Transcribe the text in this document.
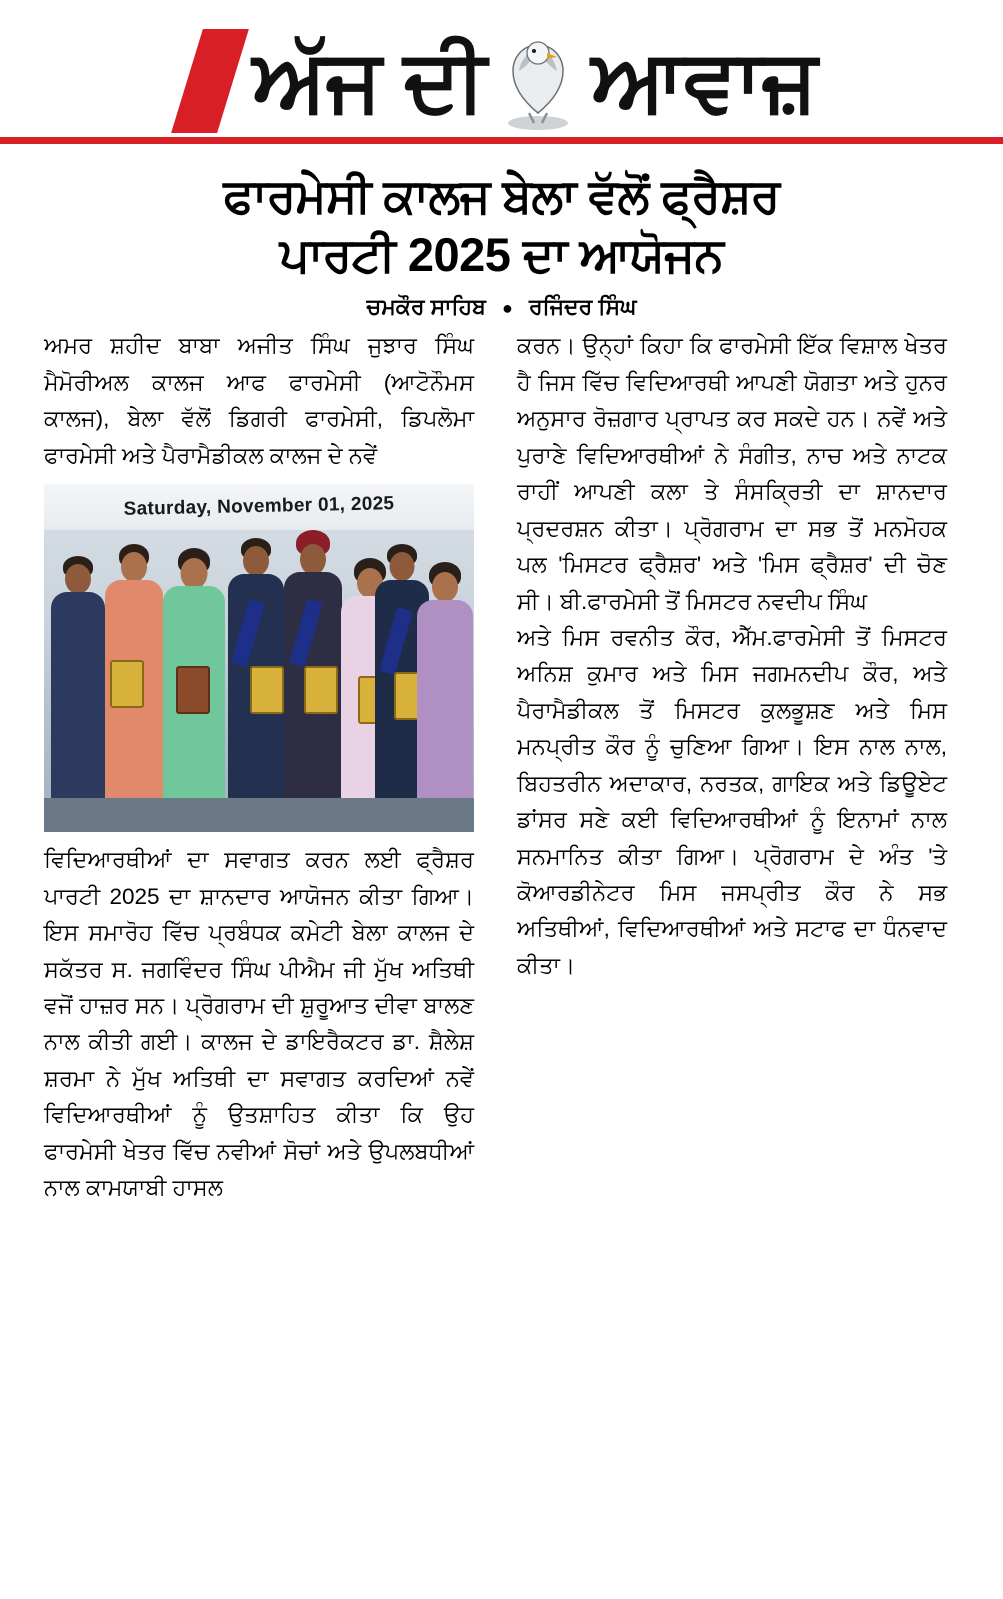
ਅੱਜ ਦੀ ਆਵਾਜ਼
ਫਾਰਮੇਸੀ ਕਾਲਜ ਬੇਲਾ ਵੱਲੋਂ ਫ੍ਰੈਸ਼ਰ
ਪਾਰਟੀ 2025 ਦਾ ਆਯੋਜਨ
ਚਮਕੌਰ ਸਾਹਿਬ ● ਰਜਿੰਦਰ ਸਿੰਘ

ਅਮਰ ਸ਼ਹੀਦ ਬਾਬਾ ਅਜੀਤ ਸਿੰਘ ਜੁਝਾਰ ਸਿੰਘ ਮੈਮੋਰੀਅਲ ਕਾਲਜ ਆਫ ਫਾਰਮੇਸੀ (ਆਟੋਨੌਮਸ ਕਾਲਜ), ਬੇਲਾ ਵੱਲੋਂ ਡਿਗਰੀ ਫਾਰਮੇਸੀ, ਡਿਪਲੋਮਾ ਫਾਰਮੇਸੀ ਅਤੇ ਪੈਰਾਮੈਡੀਕਲ ਕਾਲਜ ਦੇ ਨਵੇਂ

Saturday, November 01, 2025

ਵਿਦਿਆਰਥੀਆਂ ਦਾ ਸਵਾਗਤ ਕਰਨ ਲਈ ਫ੍ਰੈਸ਼ਰ ਪਾਰਟੀ 2025 ਦਾ ਸ਼ਾਨਦਾਰ ਆਯੋਜਨ ਕੀਤਾ ਗਿਆ। ਇਸ ਸਮਾਰੋਹ ਵਿੱਚ ਪ੍ਰਬੰਧਕ ਕਮੇਟੀ ਬੇਲਾ ਕਾਲਜ ਦੇ ਸਕੱਤਰ ਸ. ਜਗਵਿੰਦਰ ਸਿੰਘ ਪੀਐਮ ਜੀ ਮੁੱਖ ਅਤਿਥੀ ਵਜੋਂ ਹਾਜ਼ਰ ਸਨ। ਪ੍ਰੋਗਰਾਮ ਦੀ ਸ਼ੁਰੂਆਤ ਦੀਵਾ ਬਾਲਣ ਨਾਲ ਕੀਤੀ ਗਈ। ਕਾਲਜ ਦੇ ਡਾਇਰੈਕਟਰ ਡਾ. ਸ਼ੈਲੇਸ਼ ਸ਼ਰਮਾ ਨੇ ਮੁੱਖ ਅਤਿਥੀ ਦਾ ਸਵਾਗਤ ਕਰਦਿਆਂ ਨਵੇਂ ਵਿਦਿਆਰਥੀਆਂ ਨੂੰ ਉਤਸ਼ਾਹਿਤ ਕੀਤਾ ਕਿ ਉਹ ਫਾਰਮੇਸੀ ਖੇਤਰ ਵਿੱਚ ਨਵੀਆਂ ਸੋਚਾਂ ਅਤੇ ਉਪਲਬਧੀਆਂ ਨਾਲ ਕਾਮਯਾਬੀ ਹਾਸਲ

ਕਰਨ। ਉਨ੍ਹਾਂ ਕਿਹਾ ਕਿ ਫਾਰਮੇਸੀ ਇੱਕ ਵਿਸ਼ਾਲ ਖੇਤਰ ਹੈ ਜਿਸ ਵਿੱਚ ਵਿਦਿਆਰਥੀ ਆਪਣੀ ਯੋਗਤਾ ਅਤੇ ਹੁਨਰ ਅਨੁਸਾਰ ਰੋਜ਼ਗਾਰ ਪ੍ਰਾਪਤ ਕਰ ਸਕਦੇ ਹਨ। ਨਵੇਂ ਅਤੇ ਪੁਰਾਣੇ ਵਿਦਿਆਰਥੀਆਂ ਨੇ ਸੰਗੀਤ, ਨਾਚ ਅਤੇ ਨਾਟਕ ਰਾਹੀਂ ਆਪਣੀ ਕਲਾ ਤੇ ਸੰਸਕ੍ਰਿਤੀ ਦਾ ਸ਼ਾਨਦਾਰ ਪ੍ਰਦਰਸ਼ਨ ਕੀਤਾ। ਪ੍ਰੋਗਰਾਮ ਦਾ ਸਭ ਤੋਂ ਮਨਮੋਹਕ ਪਲ 'ਮਿਸਟਰ ਫ੍ਰੈਸ਼ਰ' ਅਤੇ 'ਮਿਸ ਫ੍ਰੈਸ਼ਰ' ਦੀ ਚੋਣ ਸੀ। ਬੀ.ਫਾਰਮੇਸੀ ਤੋਂ ਮਿਸਟਰ ਨਵਦੀਪ ਸਿੰਘ

ਅਤੇ ਮਿਸ ਰਵਨੀਤ ਕੌਰ, ਐੱਮ.ਫਾਰਮੇਸੀ ਤੋਂ ਮਿਸਟਰ ਅਨਿਸ਼ ਕੁਮਾਰ ਅਤੇ ਮਿਸ ਜਗਮਨਦੀਪ ਕੌਰ, ਅਤੇ ਪੈਰਾਮੈਡੀਕਲ ਤੋਂ ਮਿਸਟਰ ਕੁਲਭੂਸ਼ਣ ਅਤੇ ਮਿਸ ਮਨਪ੍ਰੀਤ ਕੌਰ ਨੂੰ ਚੁਣਿਆ ਗਿਆ। ਇਸ ਨਾਲ ਨਾਲ, ਬਿਹਤਰੀਨ ਅਦਾਕਾਰ, ਨਰਤਕ, ਗਾਇਕ ਅਤੇ ਡਿਊਏਟ ਡਾਂਸਰ ਸਣੇ ਕਈ ਵਿਦਿਆਰਥੀਆਂ ਨੂੰ ਇਨਾਮਾਂ ਨਾਲ ਸਨਮਾਨਿਤ ਕੀਤਾ ਗਿਆ। ਪ੍ਰੋਗਰਾਮ ਦੇ ਅੰਤ 'ਤੇ ਕੋਆਰਡੀਨੇਟਰ ਮਿਸ ਜਸਪ੍ਰੀਤ ਕੌਰ ਨੇ ਸਭ ਅਤਿਥੀਆਂ, ਵਿਦਿਆਰਥੀਆਂ ਅਤੇ ਸਟਾਫ ਦਾ ਧੰਨਵਾਦ ਕੀਤਾ।
